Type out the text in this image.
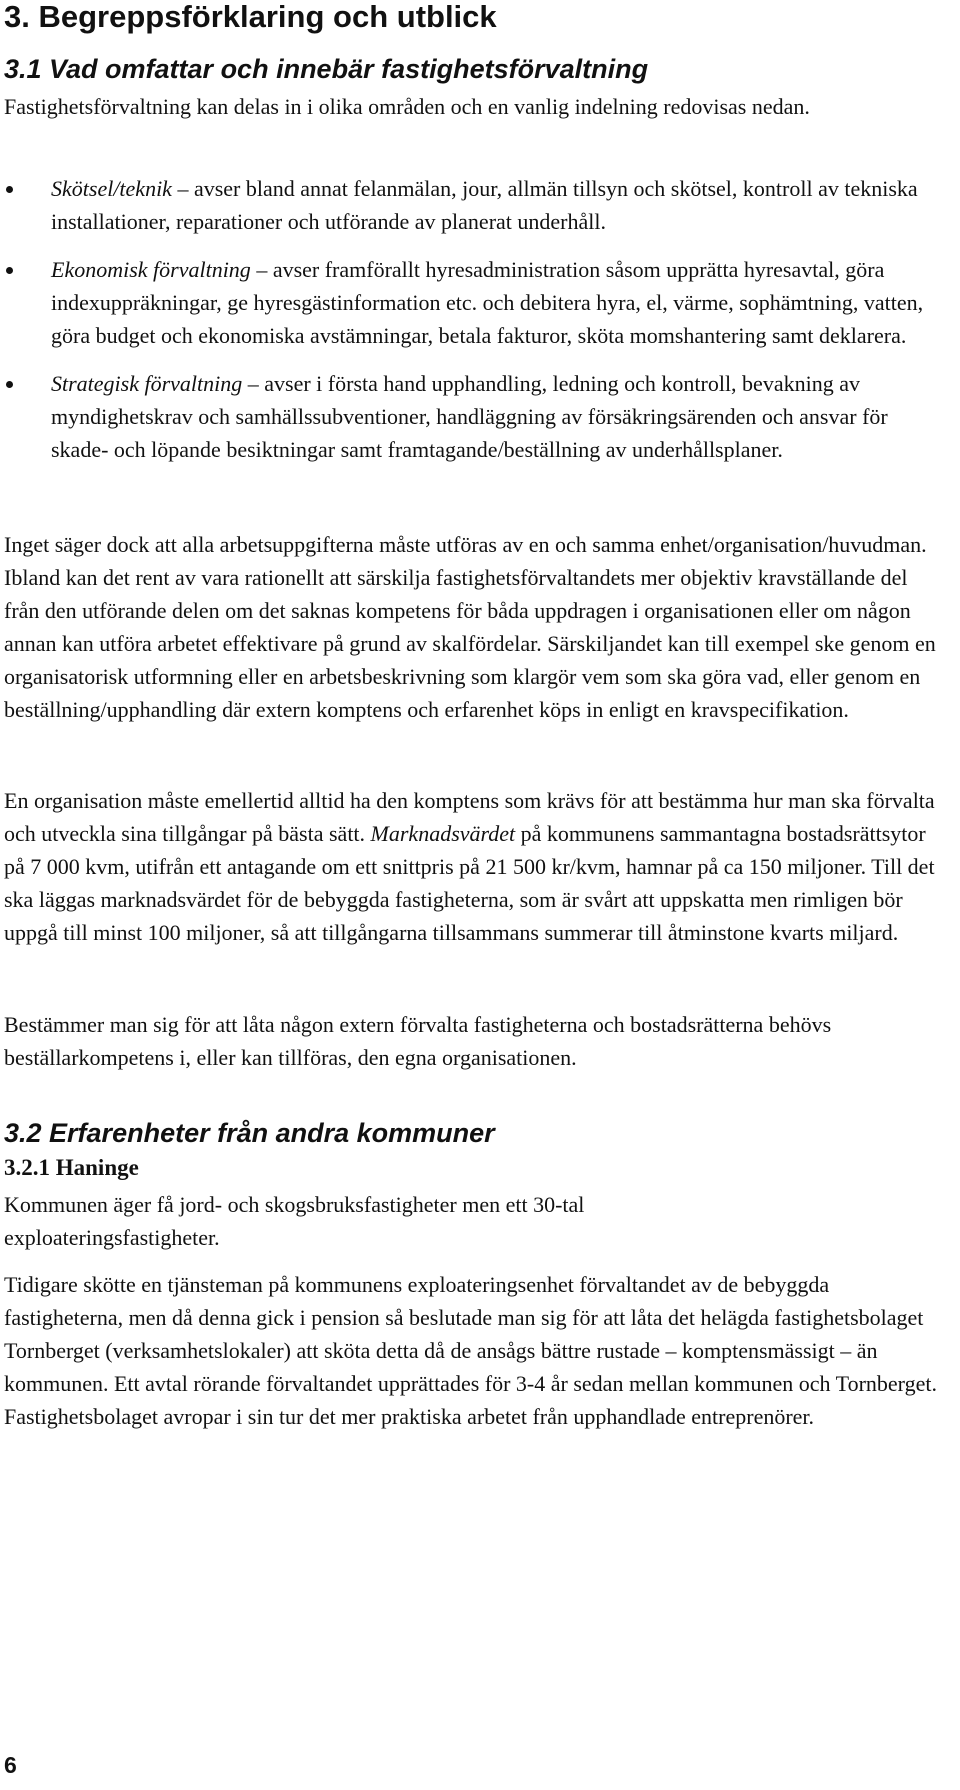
3. Begreppsförklaring och utblick
3.1 Vad omfattar och innebär fastighetsförvaltning

Fastighetsförvaltning kan delas in i olika områden och en vanlig indelning redovisas nedan.

Skötsel/teknik – avser bland annat felanmälan, jour, allmän tillsyn och skötsel, kontroll av tekniska installationer, reparationer och utförande av planerat underhåll.
Ekonomisk förvaltning – avser framförallt hyresadministration såsom upprätta hyresavtal, göra indexuppräkningar, ge hyresgästinformation etc. och debitera hyra, el, värme, sophämtning, vatten, göra budget och ekonomiska avstämningar, betala fakturor, sköta momshantering samt deklarera.
Strategisk förvaltning – avser i första hand upphandling, ledning och kontroll, bevakning av myndighetskrav och samhällssubventioner, handläggning av försäkringsärenden och ansvar för skade- och löpande besiktningar samt framtagande/beställning av underhållsplaner.

Inget säger dock att alla arbetsuppgifterna måste utföras av en och samma enhet/organisation/huvudman. Ibland kan det rent av vara rationellt att särskilja fastighetsförvaltandets mer objektiv kravställande del från den utförande delen om det saknas kompetens för båda uppdragen i organisationen eller om någon annan kan utföra arbetet effektivare på grund av skalfördelar. Särskiljandet kan till exempel ske genom en organisatorisk utformning eller en arbetsbeskrivning som klargör vem som ska göra vad, eller genom en beställning/upphandling där extern komptens och erfarenhet köps in enligt en kravspecifikation.

En organisation måste emellertid alltid ha den komptens som krävs för att bestämma hur man ska förvalta och utveckla sina tillgångar på bästa sätt. Marknadsvärdet på kommunens sammantagna bostadsrättsytor på 7 000 kvm, utifrån ett antagande om ett snittpris på 21 500 kr/kvm, hamnar på ca 150 miljoner. Till det ska läggas marknadsvärdet för de bebyggda fastigheterna, som är svårt att uppskatta men rimligen bör uppgå till minst 100 miljoner, så att tillgångarna tillsammans summerar till åtminstone kvarts miljard.

Bestämmer man sig för att låta någon extern förvalta fastigheterna och bostadsrätterna behövs beställarkompetens i, eller kan tillföras, den egna organisationen.

3.2 Erfarenheter från andra kommuner
3.2.1 Haninge

Kommunen äger få jord- och skogsbruksfastigheter men ett 30-tal exploateringsfastigheter.

Tidigare skötte en tjänsteman på kommunens exploateringsenhet förvaltandet av de bebyggda fastigheterna, men då denna gick i pension så beslutade man sig för att låta det helägda fastighetsbolaget Tornberget (verksamhetslokaler) att sköta detta då de ansågs bättre rustade – komptensmässigt – än kommunen. Ett avtal rörande förvaltandet upprättades för 3-4 år sedan mellan kommunen och Tornberget. Fastighetsbolaget avropar i sin tur det mer praktiska arbetet från upphandlade entreprenörer.

6
